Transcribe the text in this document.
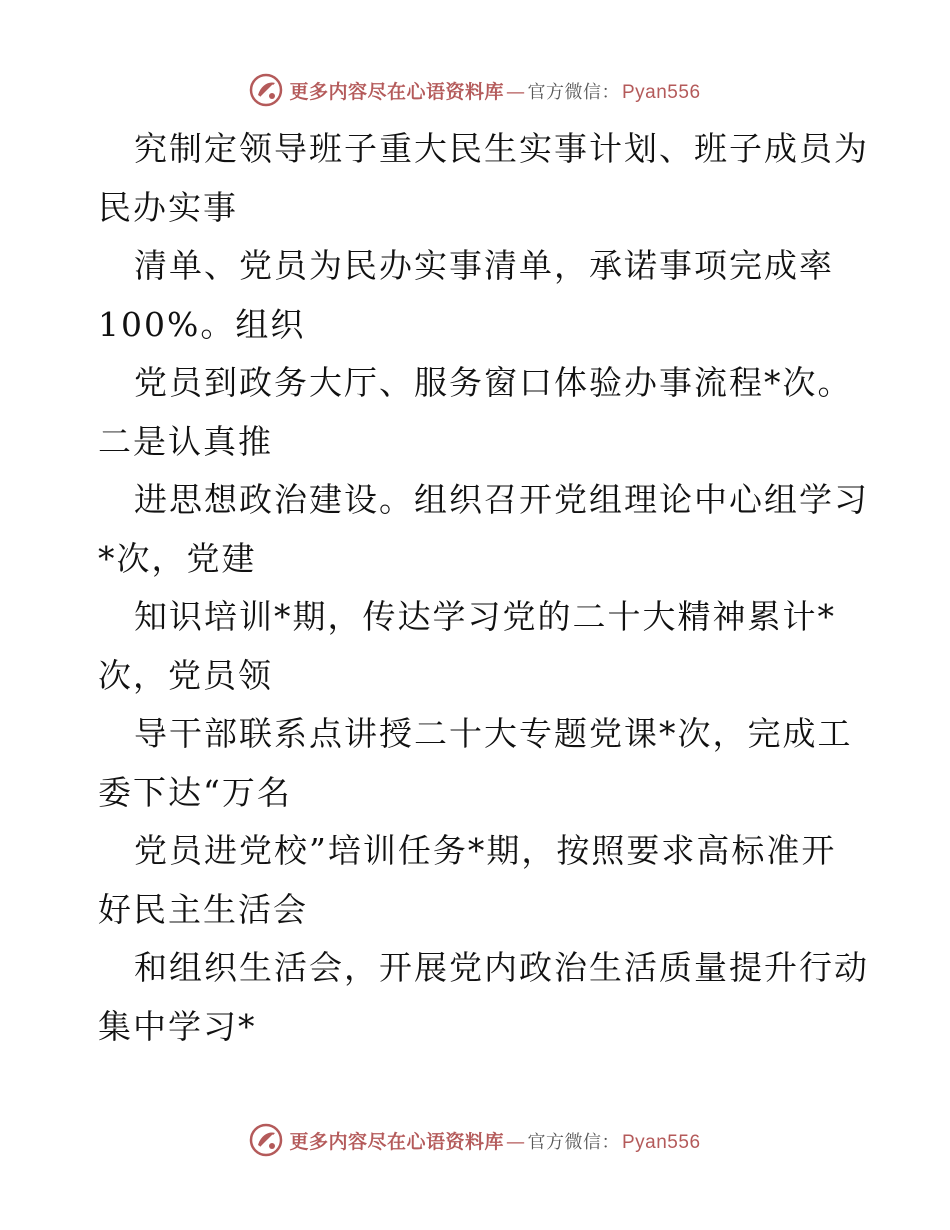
更多内容尽在心语资料库 — 官方微信： Pyan556
究制定领导班子重大民生实事计划、班子成员为
民办实事
清单、党员为民办实事清单，承诺事项完成率
100%。组织
党员到政务大厅、服务窗口体验办事流程*次。
二是认真推
进思想政治建设。组织召开党组理论中心组学习
*次，党建
知识培训*期，传达学习党的二十大精神累计*
次，党员领
导干部联系点讲授二十大专题党课*次，完成工
委下达“万名
党员进党校”培训任务*期，按照要求高标准开
好民主生活会
和组织生活会，开展党内政治生活质量提升行动
集中学习*
更多内容尽在心语资料库 — 官方微信： Pyan556
